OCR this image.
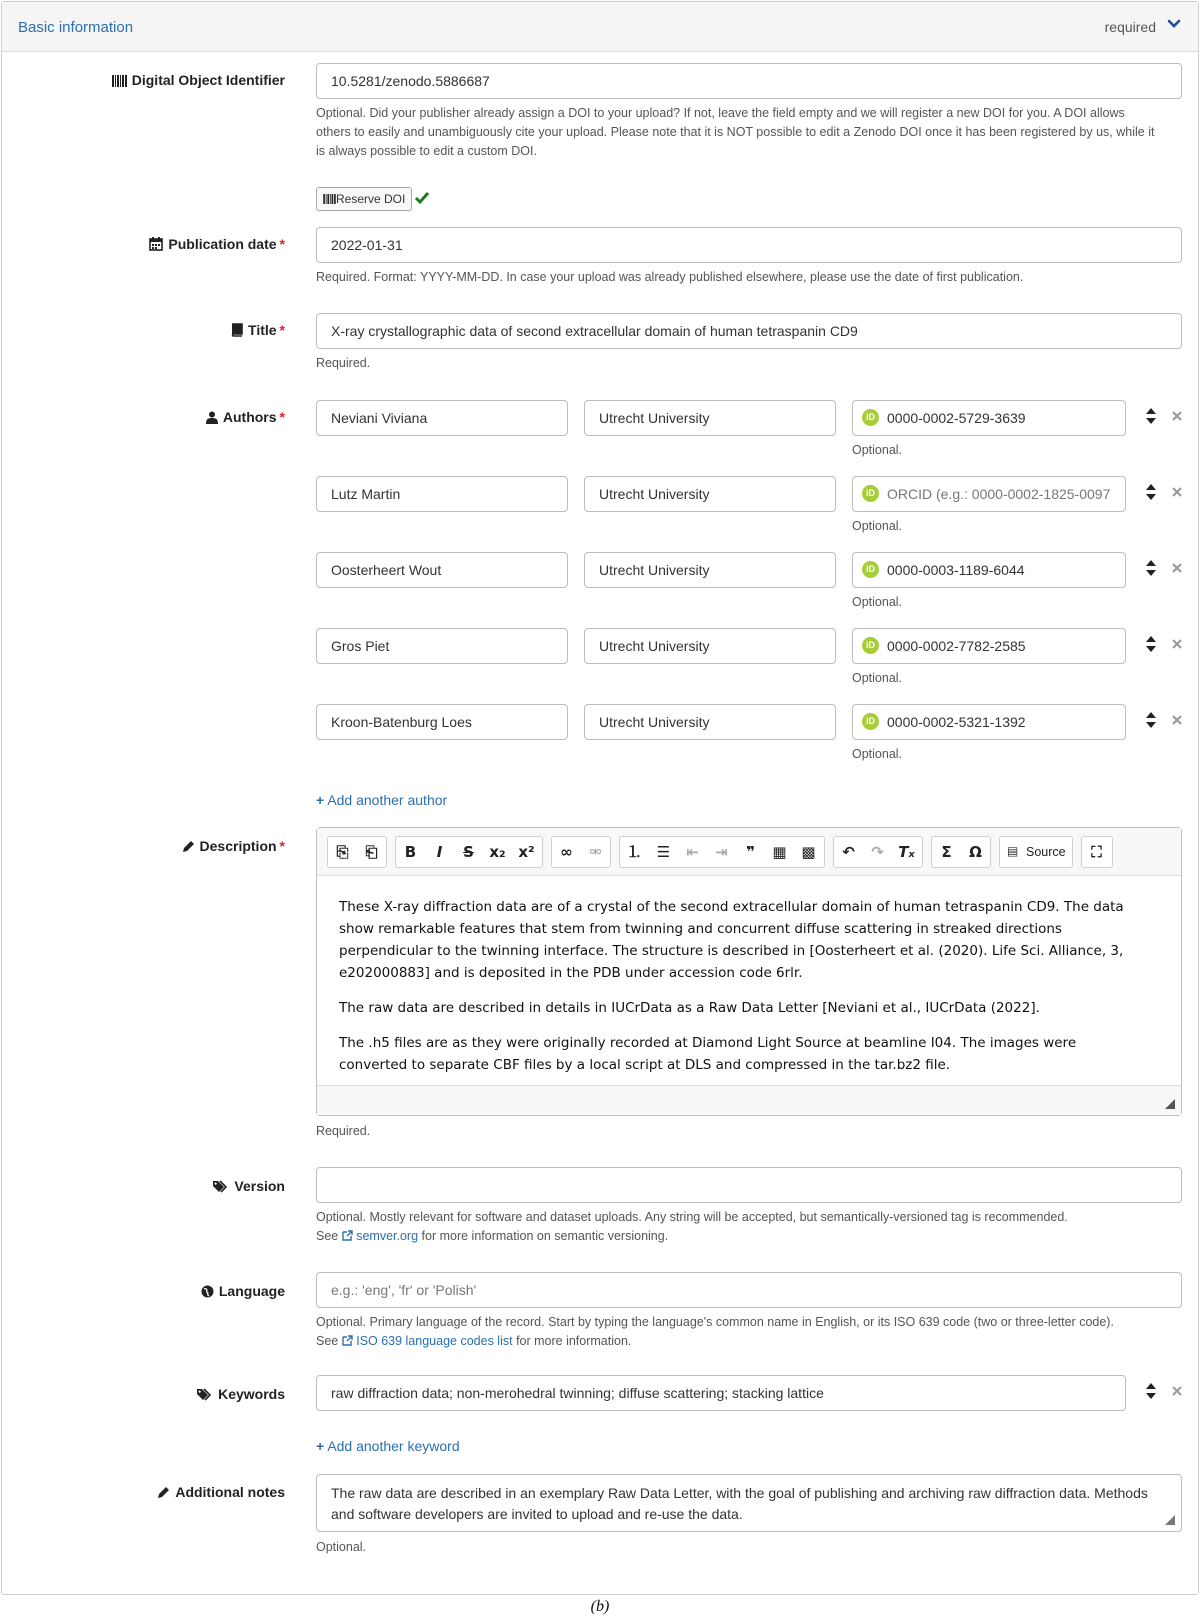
Basic information	required
Digital Object Identifier
10.5281/zenodo.5886687
Optional. Did your publisher already assign a DOI to your upload? If not, leave the field empty and we will register a new DOI for you. A DOI allows
others to easily and unambiguously cite your upload. Please note that it is NOT possible to edit a Zenodo DOI once it has been registered by us, while it
is always possible to edit a custom DOI.
Reserve DOI
Publication date *
2022-01-31
Required. Format: YYYY-MM-DD. In case your upload was already published elsewhere, please use the date of first publication.
Title *
X-ray crystallographic data of second extracellular domain of human tetraspanin CD9
Required.
Authors *
Neviani Viviana
Utrecht University	iD
0000-0002-5729-3639
Optional.
Lutz Martin
Utrecht University
iD
ORCID (e.g.: 0000-0002-1825-0097
Optional.
Oosterheert Wout
Utrecht University
iD
0000-0003-1189-6044
Optional.
Gros Piet
Utrecht University
iD
0000-0002-7782-2585
Optional.
Kroon-Batenburg Loes
Utrecht University
iD
0000-0002-5321-1392
Optional.
+ Add another author
Description *	⎘	⎗	B	I	S	x₂ x²	∞	⚮	⒈ ☰	⇤	⇥	❞	▦ ▩	↶	↷ Tₓ	Σ	Ω	▤ Source	⛶

These X-ray diffraction data are of a crystal of the second extracellular domain of human tetraspanin CD9. The data show remarkable features that stem from twinning and concurrent diffuse scattering in streaked directions perpendicular to the twinning interface. The structure is described in [Oosterheert et al. (2020). Life Sci. Alliance, 3, e202000883] and is deposited in the PDB under accession code 6rlr.

The raw data are described in details in IUCrData as a Raw Data Letter [Neviani et al., IUCrData (2022].

The .h5 files are as they were originally recorded at Diamond Light Source at beamline I04. The images were converted to separate CBF files by a local script at DLS and compressed in the tar.bz2 file.

Required.
Version
Optional. Mostly relevant for software and dataset uploads. Any string will be accepted, but semantically-versioned tag is recommended.
See semver.org for more information on semantic versioning.
Language
e.g.: 'eng', 'fr' or 'Polish'
Optional. Primary language of the record. Start by typing the language's common name in English, or its ISO 639 code (two or three-letter code).
See ISO 639 language codes list for more information.
Keywords
raw diffraction data; non-merohedral twinning; diffuse scattering; stacking lattice
+ Add another keyword
Additional notes	The raw data are described in an exemplary Raw Data Letter, with the goal of publishing and archiving raw diffraction data. Methods and software developers are invited to upload and re-use the data.
Optional.
(b)
